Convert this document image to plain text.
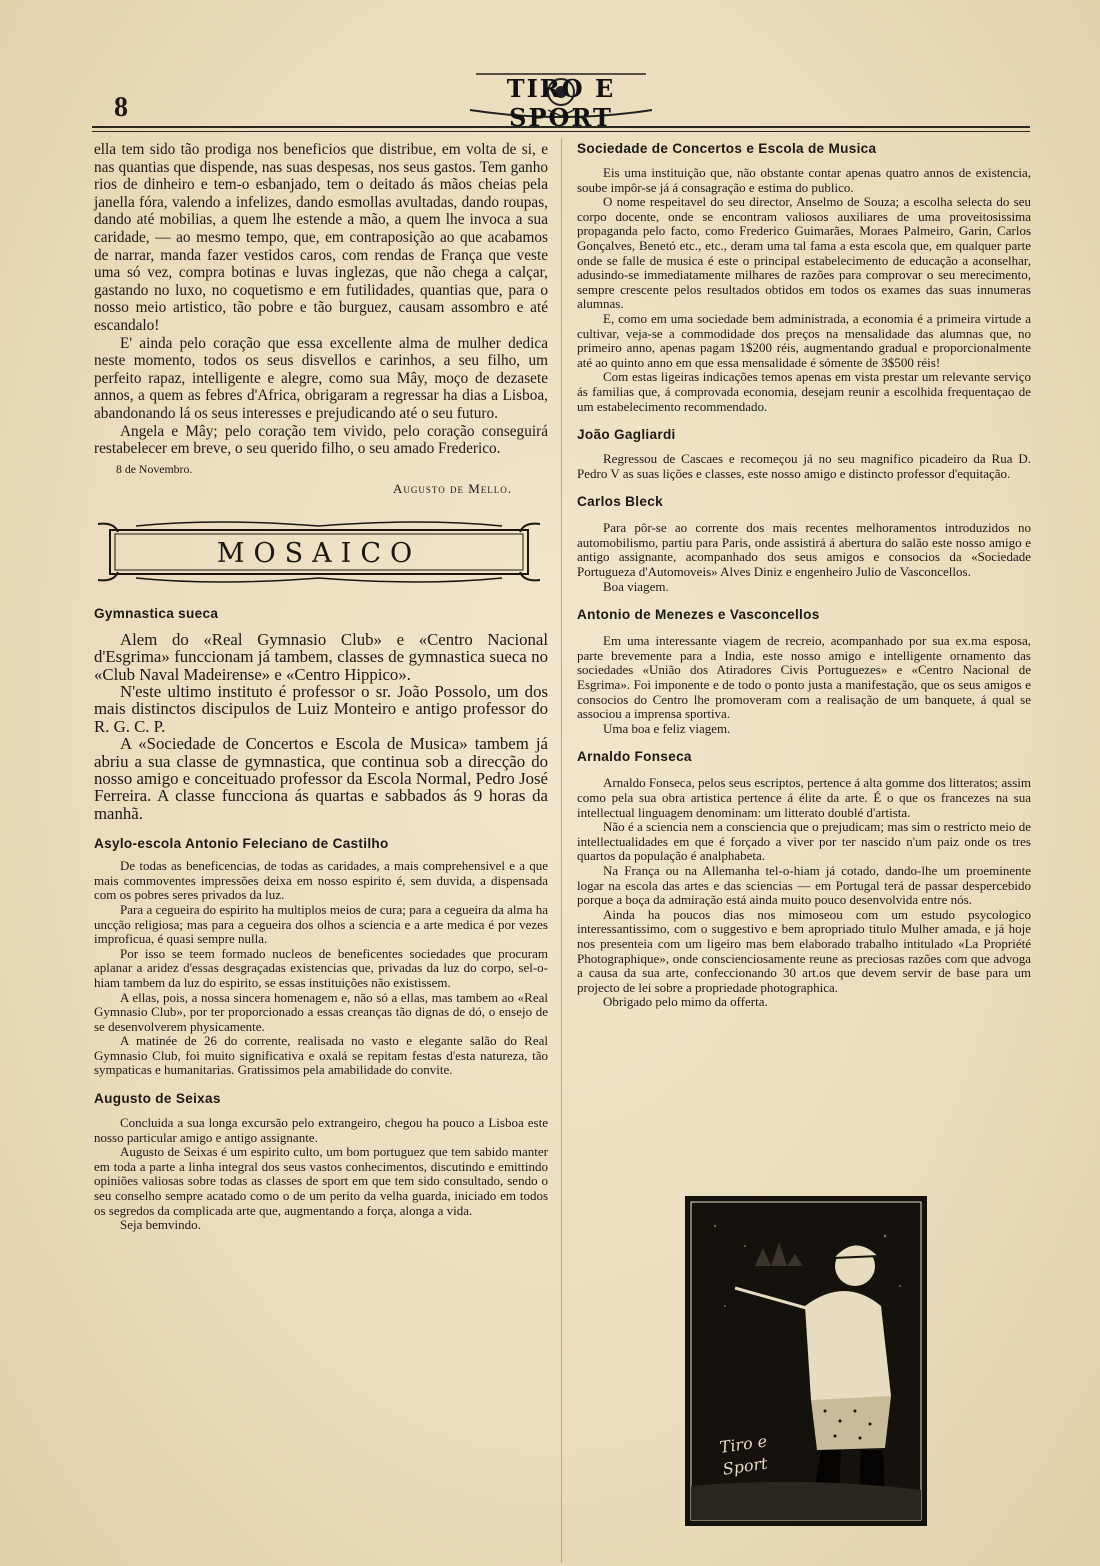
8
TIRO E SPORT

ella tem sido tão prodiga nos beneficios que distribue, em volta de si, e nas quantias que dispende, nas suas despesas, nos seus gastos. Tem ganho rios de dinheiro e tem-o esbanjado, tem o deitado ás mãos cheias pela janella fóra, valendo a infelizes, dando esmollas avultadas, dando roupas, dando até mobilias, a quem lhe estende a mão, a quem lhe invoca a sua caridade, — ao mesmo tempo, que, em contraposição ao que acabamos de narrar, manda fazer vestidos caros, com rendas de França que veste uma só vez, compra botinas e luvas inglezas, que não chega a calçar, gastando no luxo, no coquetismo e em futilidades, quantias que, para o nosso meio artistico, tão pobre e tão burguez, causam assombro e até escandalo!

E' ainda pelo coração que essa excellente alma de mulher dedica neste momento, todos os seus disvellos e carinhos, a seu filho, um perfeito rapaz, intelligente e alegre, como sua Mây, moço de dezasete annos, a quem as febres d'Africa, obrigaram a regressar ha dias a Lisboa, abandonando lá os seus interesses e prejudicando até o seu futuro.

Angela e Mây; pelo coração tem vivido, pelo coração conseguirá restabelecer em breve, o seu querido filho, o seu amado Frederico.

8 de Novembro.
Augusto de Mello.
MOSAICO
Gymnastica sueca

Alem do «Real Gymnasio Club» e «Centro Nacional d'Esgrima» funccionam já tambem, classes de gymnastica sueca no «Club Naval Madeirense» e «Centro Hippico».

N'este ultimo instituto é professor o sr. João Possolo, um dos mais distinctos discipulos de Luiz Monteiro e antigo professor do R. G. C. P.

A «Sociedade de Concertos e Escola de Musica» tambem já abriu a sua classe de gymnastica, que continua sob a direcção do nosso amigo e conceituado professor da Escola Normal, Pedro José Ferreira. A classe funcciona ás quartas e sabbados ás 9 horas da manhã.

Asylo-escola Antonio Feleciano de Castilho

De todas as beneficencias, de todas as caridades, a mais comprehensivel e a que mais commoventes impressões deixa em nosso espirito é, sem duvida, a dispensada com os pobres seres privados da luz.

Para a cegueira do espirito ha multiplos meios de cura; para a cegueira da alma ha uncção religiosa; mas para a cegueira dos olhos a sciencia e a arte medica é por vezes improficua, é quasi sempre nulla.

Por isso se teem formado nucleos de beneficentes sociedades que procuram aplanar a aridez d'essas desgraçadas existencias que, privadas da luz do corpo, sel-o-hiam tambem da luz do espirito, se essas instituições não existissem.

A ellas, pois, a nossa sincera homenagem e, não só a ellas, mas tambem ao «Real Gymnasio Club», por ter proporcionado a essas creanças tão dignas de dó, o ensejo de se desenvolverem physicamente.

A matinée de 26 do corrente, realisada no vasto e elegante salão do Real Gymnasio Club, foi muito significativa e oxalá se repitam festas d'esta natureza, tão sympaticas e humanitarias. Gratissimos pela amabilidade do convite.

Augusto de Seixas

Concluida a sua longa excursão pelo extrangeiro, chegou ha pouco a Lisboa este nosso particular amigo e antigo assignante.

Augusto de Seixas é um espirito culto, um bom portuguez que tem sabido manter em toda a parte a linha integral dos seus vastos conhecimentos, discutindo e emittindo opiniões valiosas sobre todas as classes de sport em que tem sido consultado, sendo o seu conselho sempre acatado como o de um perito da velha guarda, iniciado em todos os segredos da complicada arte que, augmentando a força, alonga a vida.

Seja bemvindo.

Sociedade de Concertos e Escola de Musica

Eis uma instituição que, não obstante contar apenas quatro annos de existencia, soube impôr-se já á consagração e estima do publico.

O nome respeitavel do seu director, Anselmo de Souza; a escolha selecta do seu corpo docente, onde se encontram valiosos auxiliares de uma proveitosissima propaganda pelo facto, como Frederico Guimarães, Moraes Palmeiro, Garin, Carlos Gonçalves, Benetó etc., etc., deram uma tal fama a esta escola que, em qualquer parte onde se falle de musica é este o principal estabelecimento de educação a aconselhar, adusindo-se immediatamente milhares de razões para comprovar o seu merecimento, sempre crescente pelos resultados obtidos em todos os exames das suas innumeras alumnas.

E, como em uma sociedade bem administrada, a economia é a primeira virtude a cultivar, veja-se a commodidade dos preços na mensalidade das alumnas que, no primeiro anno, apenas pagam 1$200 réis, augmentando gradual e proporcionalmente até ao quinto anno em que essa mensalidade é sómente de 3$500 réis!

Com estas ligeiras indicações temos apenas em vista prestar um relevante serviço ás familias que, á comprovada economia, desejam reunir a escolhida frequentaçao de um estabelecimento recommendado.

João Gagliardi

Regressou de Cascaes e recomeçou já no seu magnifico picadeiro da Rua D. Pedro V as suas lições e classes, este nosso amigo e distincto professor d'equitação.

Carlos Bleck

Para pôr-se ao corrente dos mais recentes melhoramentos introduzidos no automobilismo, partiu para Paris, onde assistirá á abertura do salão este nosso amigo e antigo assignante, acompanhado dos seus amigos e consocios da «Sociedade Portugueza d'Automoveis» Alves Diniz e engenheiro Julio de Vasconcellos.

Boa viagem.

Antonio de Menezes e Vasconcellos

Em uma interessante viagem de recreio, acompanhado por sua ex.ma esposa, parte brevemente para a India, este nosso amigo e intelligente ornamento das sociedades «União dos Atiradores Civis Portuguezes» e «Centro Nacional de Esgrima». Foi imponente e de todo o ponto justa a manifestação, que os seus amigos e consocios do Centro lhe promoveram com a realisação de um banquete, á qual se associou a imprensa sportiva.

Uma boa e feliz viagem.

Arnaldo Fonseca

Arnaldo Fonseca, pelos seus escriptos, pertence á alta gomme dos litteratos; assim como pela sua obra artistica pertence á élite da arte. É o que os francezes na sua intellectual linguagem denominam: um litterato doublé d'artista.

Não é a sciencia nem a consciencia que o prejudicam; mas sim o restricto meio de intellectualidades em que é forçado a viver por ter nascido n'um paiz onde os tres quartos da população é analphabeta.

Na França ou na Allemanha tel-o-hiam já cotado, dando-lhe um proeminente logar na escola das artes e das sciencias — em Portugal terá de passar despercebido porque a boça da admiração está ainda muito pouco desenvolvida entre nós.

Ainda ha poucos dias nos mimoseou com um estudo psycologico interessantissimo, com o suggestivo e bem apropriado titulo Mulher amada, e já hoje nos presenteia com um ligeiro mas bem elaborado trabalho intitulado «La Propriété Photographique», onde conscienciosamente reune as preciosas razões com que advoga a causa da sua arte, confeccionando 30 art.os que devem servir de base para um projecto de lei sobre a propriedade photographica.

Obrigado pelo mimo da offerta.

Tiro e Sport
